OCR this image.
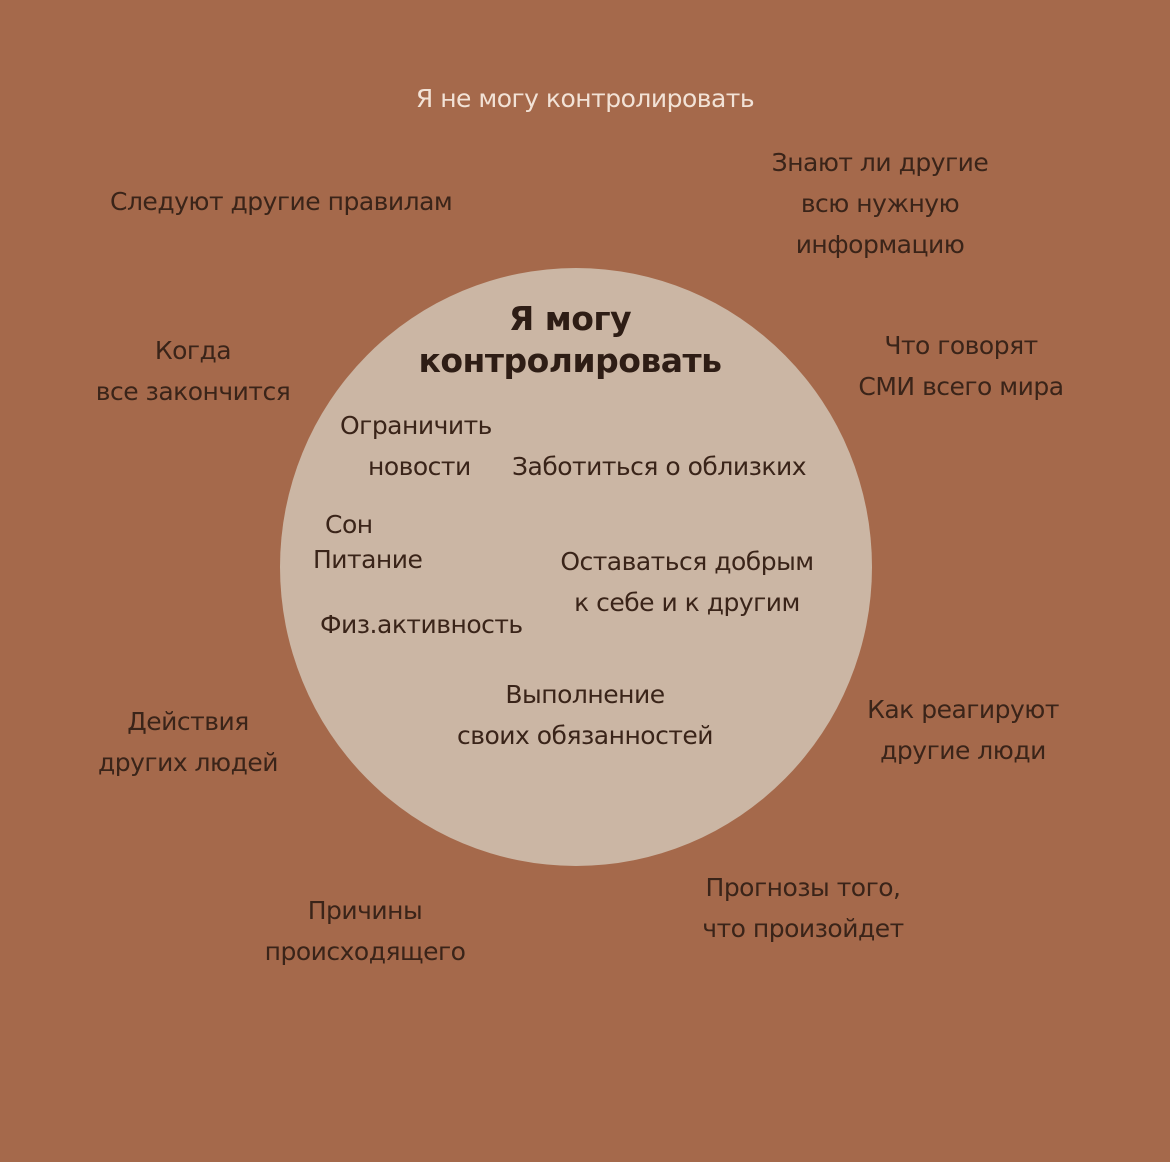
Я не могу контролировать
Следуют другие правилам
Знают ли другие
всю нужную
информацию
Когда
все закончится
Что говорят
СМИ всего мира
Действия
других людей
Как реагируют
другие люди
Причины
происходящего
Прогнозы того,
что произойдет
Я могу
контролировать
Ограничить
новости Заботиться о облизких
Сон
Питание	Оставаться добрым
к себе и к другим
Физ.активность
Выполнение
своих обязанностей
